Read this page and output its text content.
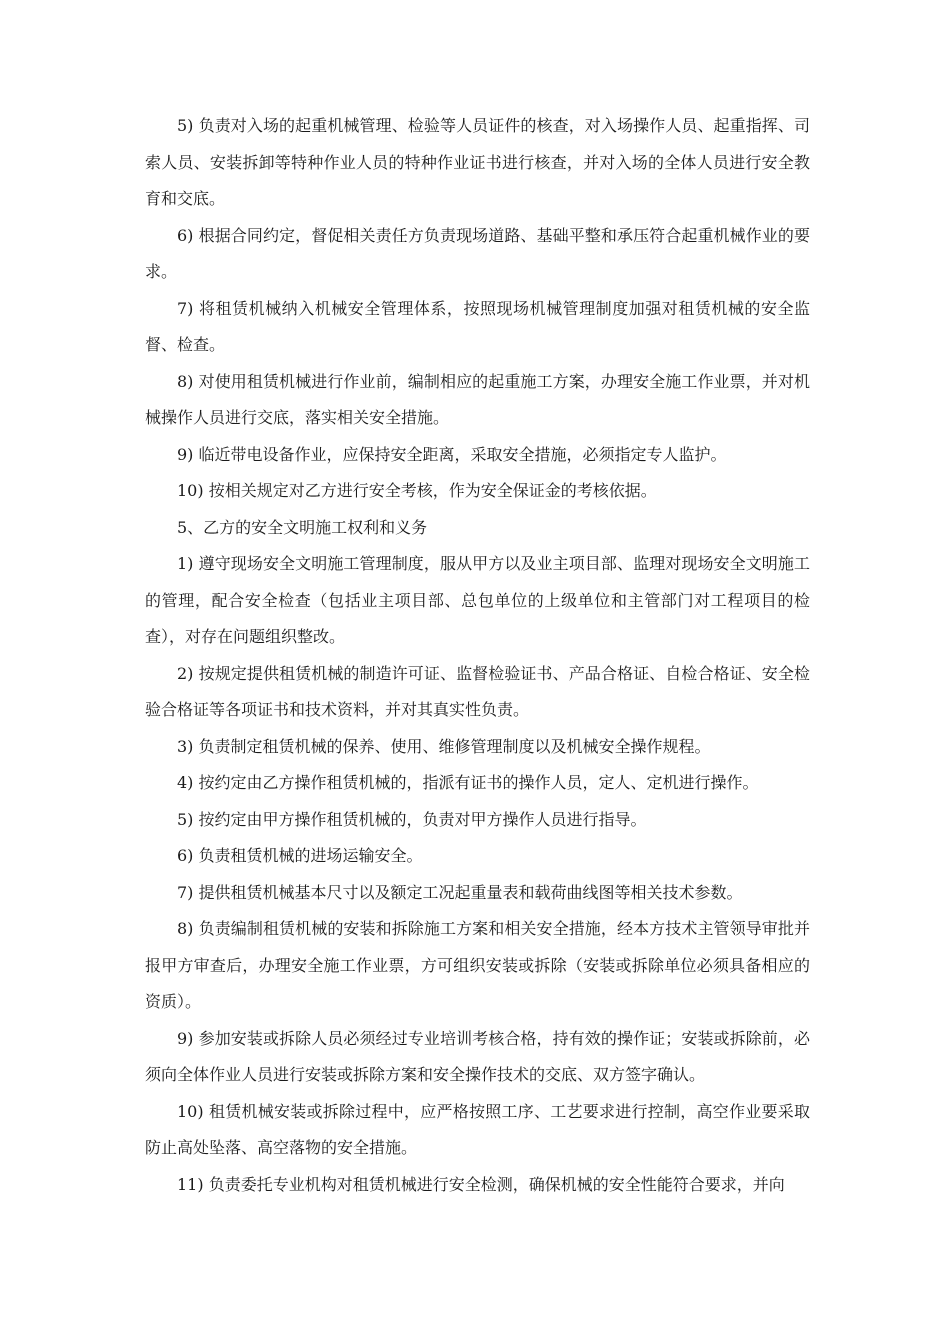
5) 负责对入场的起重机械管理、检验等人员证件的核查，对入场操作人员、起重指挥、司索人员、安装拆卸等特种作业人员的特种作业证书进行核查，并对入场的全体人员进行安全教育和交底。

6) 根据合同约定，督促相关责任方负责现场道路、基础平整和承压符合起重机械作业的要求。

7) 将租赁机械纳入机械安全管理体系，按照现场机械管理制度加强对租赁机械的安全监督、检查。

8) 对使用租赁机械进行作业前，编制相应的起重施工方案，办理安全施工作业票，并对机械操作人员进行交底，落实相关安全措施。

9) 临近带电设备作业，应保持安全距离，采取安全措施，必须指定专人监护。

10) 按相关规定对乙方进行安全考核，作为安全保证金的考核依据。

5、乙方的安全文明施工权利和义务

1) 遵守现场安全文明施工管理制度，服从甲方以及业主项目部、监理对现场安全文明施工的管理，配合安全检查（包括业主项目部、总包单位的上级单位和主管部门对工程项目的检查），对存在问题组织整改。

2) 按规定提供租赁机械的制造许可证、监督检验证书、产品合格证、自检合格证、安全检验合格证等各项证书和技术资料，并对其真实性负责。

3) 负责制定租赁机械的保养、使用、维修管理制度以及机械安全操作规程。

4) 按约定由乙方操作租赁机械的，指派有证书的操作人员，定人、定机进行操作。

5) 按约定由甲方操作租赁机械的，负责对甲方操作人员进行指导。

6) 负责租赁机械的进场运输安全。

7) 提供租赁机械基本尺寸以及额定工况起重量表和载荷曲线图等相关技术参数。

8) 负责编制租赁机械的安装和拆除施工方案和相关安全措施，经本方技术主管领导审批并报甲方审查后，办理安全施工作业票，方可组织安装或拆除（安装或拆除单位必须具备相应的资质）。

9) 参加安装或拆除人员必须经过专业培训考核合格，持有效的操作证；安装或拆除前，必须向全体作业人员进行安装或拆除方案和安全操作技术的交底、双方签字确认。

10) 租赁机械安装或拆除过程中，应严格按照工序、工艺要求进行控制，高空作业要采取防止高处坠落、高空落物的安全措施。

11) 负责委托专业机构对租赁机械进行安全检测，确保机械的安全性能符合要求，并向
